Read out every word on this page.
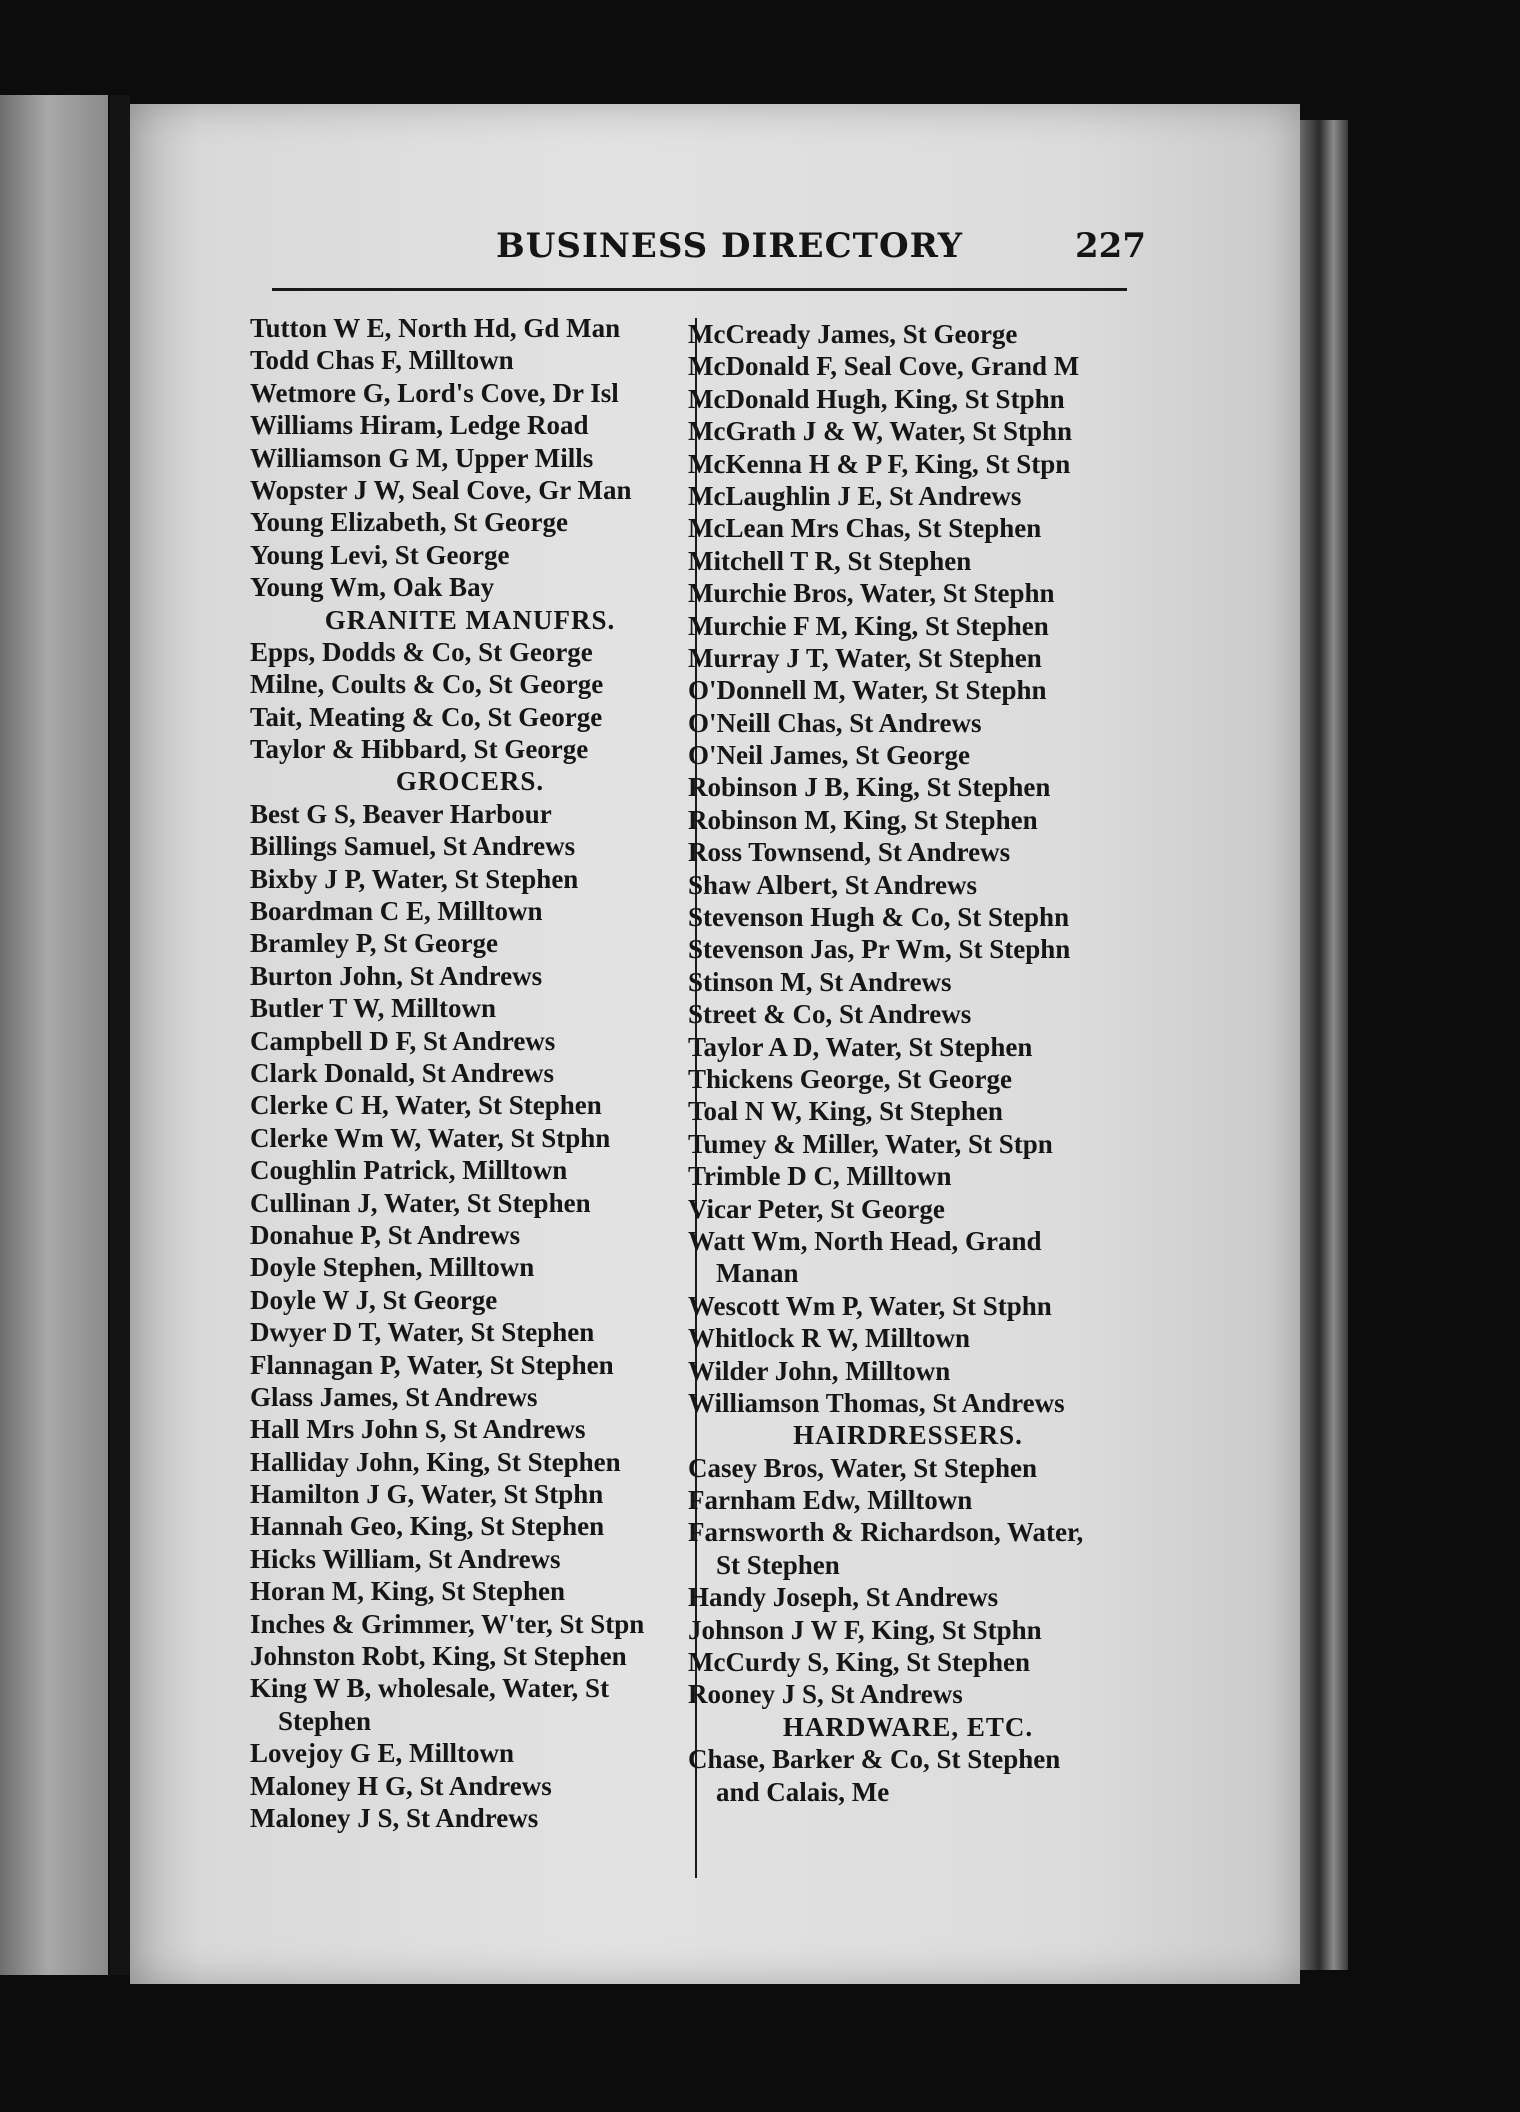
BUSINESS DIRECTORY	227
Tutton W E, North Hd, Gd Man
Todd Chas F, Milltown
Wetmore G, Lord's Cove, Dr Isl
Williams Hiram, Ledge Road
Williamson G M, Upper Mills
Wopster J W, Seal Cove, Gr Man
Young Elizabeth, St George
Young Levi, St George
Young Wm, Oak Bay
GRANITE MANUFRS.
Epps, Dodds & Co, St George
Milne, Coults & Co, St George
Tait, Meating & Co, St George
Taylor & Hibbard, St George
GROCERS.
Best G S, Beaver Harbour
Billings Samuel, St Andrews
Bixby J P, Water, St Stephen
Boardman C E, Milltown
Bramley P, St George
Burton John, St Andrews
Butler T W, Milltown
Campbell D F, St Andrews
Clark Donald, St Andrews
Clerke C H, Water, St Stephen
Clerke Wm W, Water, St Stphn
Coughlin Patrick, Milltown
Cullinan J, Water, St Stephen
Donahue P, St Andrews
Doyle Stephen, Milltown
Doyle W J, St George
Dwyer D T, Water, St Stephen
Flannagan P, Water, St Stephen
Glass James, St Andrews
Hall Mrs John S, St Andrews
Halliday John, King, St Stephen
Hamilton J G, Water, St Stphn
Hannah Geo, King, St Stephen
Hicks William, St Andrews
Horan M, King, St Stephen
Inches & Grimmer, W'ter, St Stpn
Johnston Robt, King, St Stephen
King W B, wholesale, Water, St
Stephen
Lovejoy G E, Milltown
Maloney H G, St Andrews
Maloney J S, St Andrews
McCready James, St George
McDonald F, Seal Cove, Grand M
McDonald Hugh, King, St Stphn
McGrath J & W, Water, St Stphn
McKenna H & P F, King, St Stpn
McLaughlin J E, St Andrews
McLean Mrs Chas, St Stephen
Mitchell T R, St Stephen
Murchie Bros, Water, St Stephn
Murchie F M, King, St Stephen
Murray J T, Water, St Stephen
O'Donnell M, Water, St Stephn
O'Neill Chas, St Andrews
O'Neil James, St George
Robinson J B, King, St Stephen
Robinson M, King, St Stephen
Ross Townsend, St Andrews
Shaw Albert, St Andrews
Stevenson Hugh & Co, St Stephn
Stevenson Jas, Pr Wm, St Stephn
Stinson M, St Andrews
Street & Co, St Andrews
Taylor A D, Water, St Stephen
Thickens George, St George
Toal N W, King, St Stephen
Tumey & Miller, Water, St Stpn
Trimble D C, Milltown
Vicar Peter, St George
Watt Wm, North Head, Grand
Manan
Wescott Wm P, Water, St Stphn
Whitlock R W, Milltown
Wilder John, Milltown
Williamson Thomas, St Andrews
HAIRDRESSERS.
Casey Bros, Water, St Stephen
Farnham Edw, Milltown
Farnsworth & Richardson, Water,
St Stephen
Handy Joseph, St Andrews
Johnson J W F, King, St Stphn
McCurdy S, King, St Stephen
Rooney J S, St Andrews
HARDWARE, ETC.
Chase, Barker & Co, St Stephen
and Calais, Me
